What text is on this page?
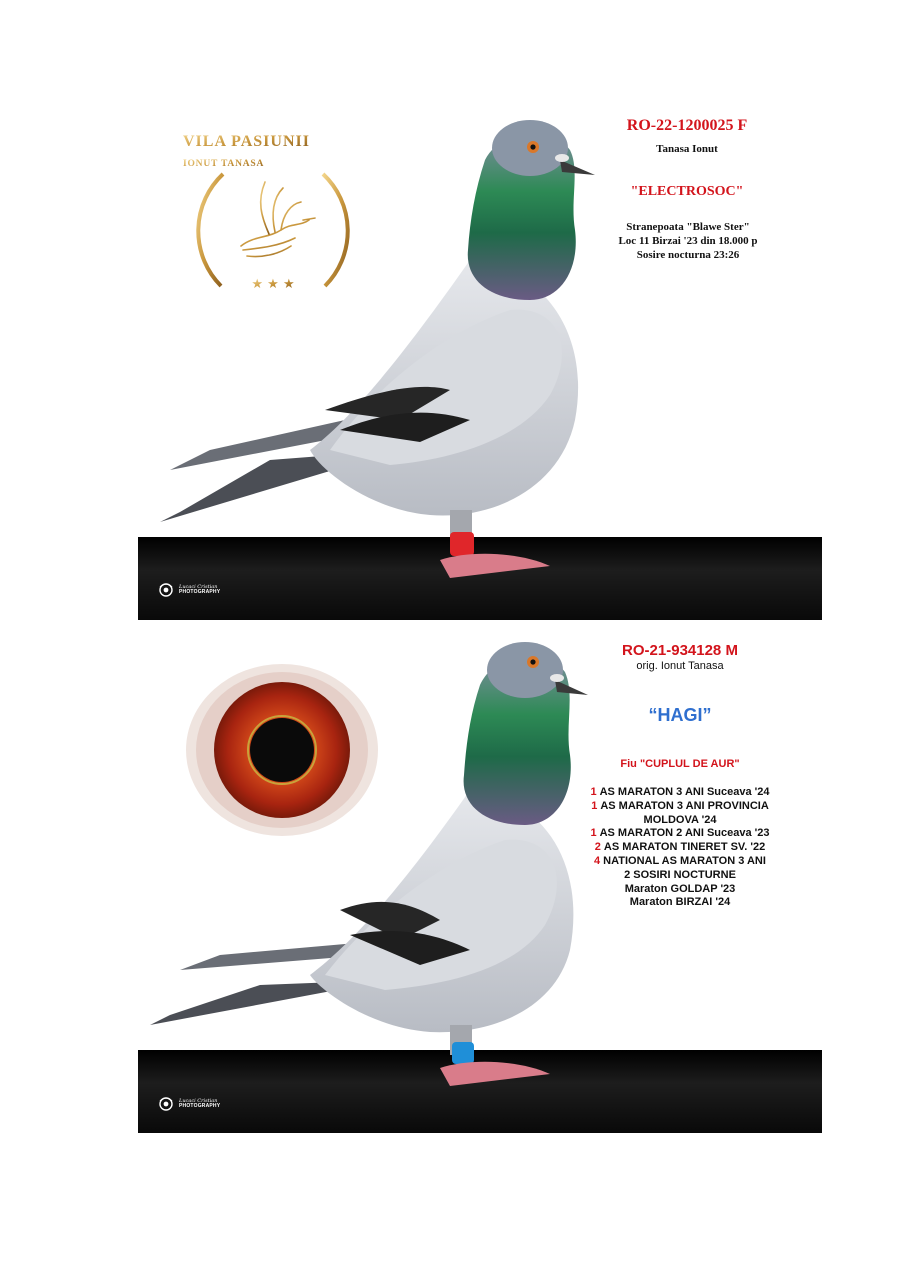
Lucaci Cristian
PHOTOGRAPHY
VILA PASIUNII
★ ★ ★
IONUT TANASA
RO-22-1200025 F
Tanasa Ionut
"ELECTROSOC"
Stranepoata "Blawe Ster"
Loc 11 Birzai '23 din 18.000 p
Sosire nocturna 23:26
Lucaci Cristian
PHOTOGRAPHY
RO-21-934128 M
orig. Ionut Tanasa
“HAGI”
Fiu "CUPLUL DE AUR"
1 AS MARATON 3 ANI Suceava '24
1 AS MARATON 3 ANI PROVINCIA
MOLDOVA '24
1 AS MARATON 2 ANI Suceava '23
2 AS MARATON TINERET SV. '22
4 NATIONAL AS MARATON 3 ANI
2 SOSIRI NOCTURNE
Maraton GOLDAP '23
Maraton BIRZAI '24
